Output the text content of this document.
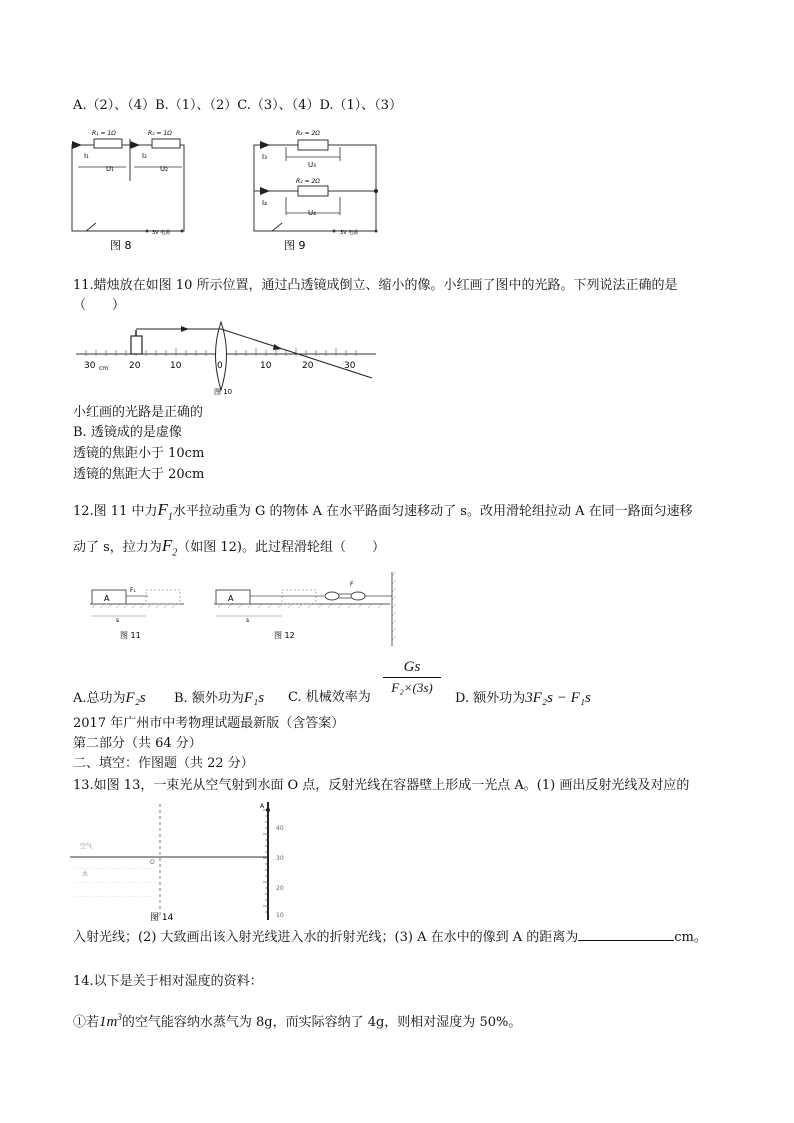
A.（2）、（4）B.（1）、（2）C.（3）、（4）D.（1）、（3）
R₁ = 1Ω	R₂ = 1Ω
I₁	I₂
U₁	U₂
3V 电源
图 8
R₃ = 2Ω
R₄ = 2Ω
I₃
I₄
U₃
U₄
3V 电源
图 9
11.蜡烛放在如图 10 所示位置，通过凸透镜成倒立、缩小的像。小红画了图中的光路。下列说法正确的是
（　　）
30 cm 20	10	0	10	20	30
图 10
小红画的光路是正确的
B. 透镜成的是虚像
透镜的焦距小于 10cm
透镜的焦距大于 20cm
12.图 11 中力$F_1$水平拉动重为 G 的物体 A 在水平路面匀速移动了 s。改用滑轮组拉动 A 在同一路面匀速移
动了 s，拉力为$F_2$（如图 12)。此过程滑轮组（　　）
A
F₁
s
图 11
A
F
s
图 12
A.总功为F₂s B. 额外功为F₁s C. 机械效率为
Gs
F₂×(3s)
D. 额外功为3F₂s − F₁s
2017 年广州市中考物理试题最新版（含答案）
第二部分（共 64 分）
二、填空：作图题（共 22 分）
13.如图 13，一束光从空气射到水面 O 点，反射光线在容器壁上形成一光点 A。(1) 画出反射光线及对应的
A
空气
水
O
· · · · · · · · · · · · · · · · · · · · · · · · · ·
· · · · · · · · · · · · · · · · · · · · · · · · · ·
· · · · · · · · · · · · · · · · · · · · · · · · · ·
40
30
20
10
图 14
入射光线；(2) 大致画出该入射光线进入水的折射光线；(3) A 在水中的像到 A 的距离为	cm。
14.以下是关于相对湿度的资料：
①若$1m^3$的空气能容纳水蒸气为 8g，而实际容纳了 4g，则相对湿度为 50%。
